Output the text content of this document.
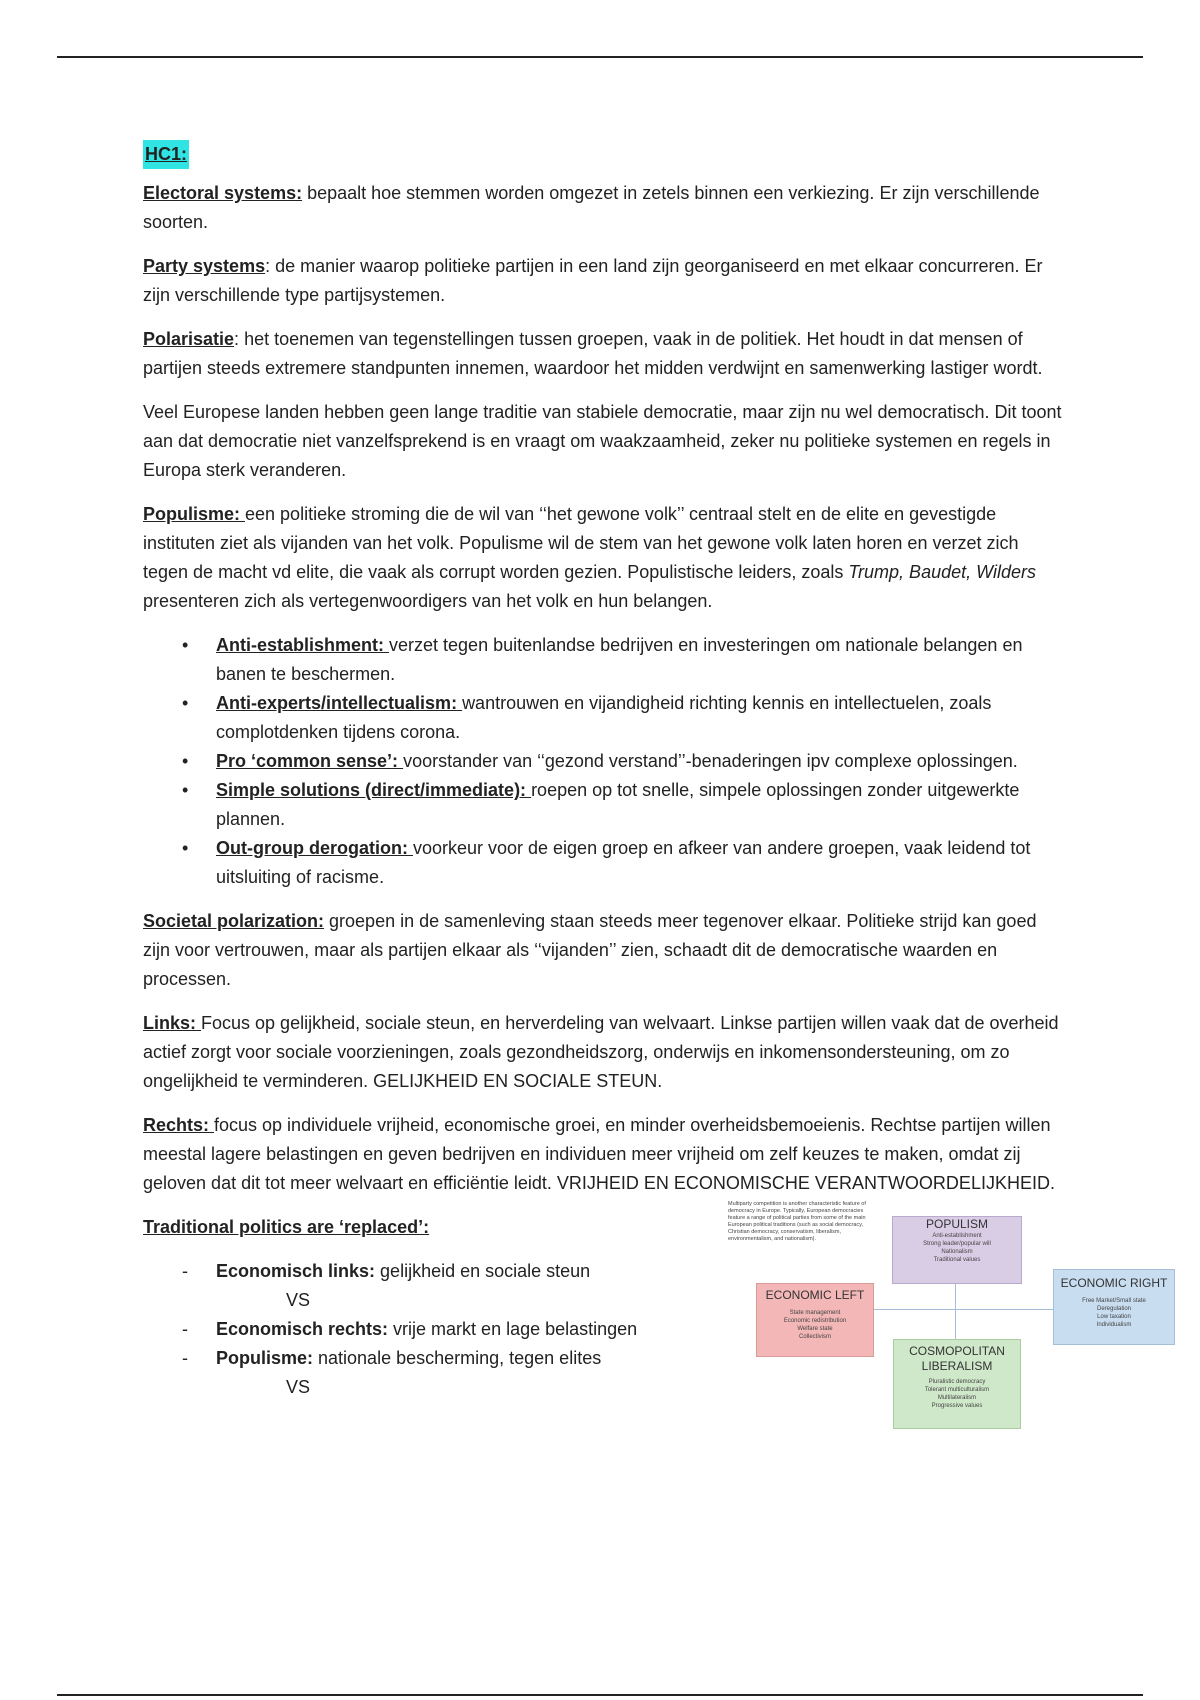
HC1:

Electoral systems: bepaalt hoe stemmen worden omgezet in zetels binnen een verkiezing. Er zijn verschillende soorten.

Party systems: de manier waarop politieke partijen in een land zijn georganiseerd en met elkaar concurreren. Er zijn verschillende type partijsystemen.

Polarisatie: het toenemen van tegenstellingen tussen groepen, vaak in de politiek. Het houdt in dat mensen of partijen steeds extremere standpunten innemen, waardoor het midden verdwijnt en samenwerking lastiger wordt.

Veel Europese landen hebben geen lange traditie van stabiele democratie, maar zijn nu wel democratisch. Dit toont aan dat democratie niet vanzelfsprekend is en vraagt om waakzaamheid, zeker nu politieke systemen en regels in Europa sterk veranderen.

Populisme: een politieke stroming die de wil van ‘‘het gewone volk’’ centraal stelt en de elite en gevestigde instituten ziet als vijanden van het volk. Populisme wil de stem van het gewone volk laten horen en verzet zich tegen de macht vd elite, die vaak als corrupt worden gezien. Populistische leiders, zoals Trump, Baudet, Wilders presenteren zich als vertegenwoordigers van het volk en hun belangen.

• Anti-establishment: verzet tegen buitenlandse bedrijven en investeringen om nationale belangen en banen te beschermen.
• Anti-experts/intellectualism: wantrouwen en vijandigheid richting kennis en intellectuelen, zoals complotdenken tijdens corona.
• Pro ‘common sense’: voorstander van ‘‘gezond verstand’’-benaderingen ipv complexe oplossingen.
• Simple solutions (direct/immediate): roepen op tot snelle, simpele oplossingen zonder uitgewerkte plannen.
• Out-group derogation: voorkeur voor de eigen groep en afkeer van andere groepen, vaak leidend tot uitsluiting of racisme.

Societal polarization: groepen in de samenleving staan steeds meer tegenover elkaar. Politieke strijd kan goed zijn voor vertrouwen, maar als partijen elkaar als ‘‘vijanden’’ zien, schaadt dit de democratische waarden en processen.

Links: Focus op gelijkheid, sociale steun, en herverdeling van welvaart. Linkse partijen willen vaak dat de overheid actief zorgt voor sociale voorzieningen, zoals gezondheidszorg, onderwijs en inkomensondersteuning, om zo ongelijkheid te verminderen. GELIJKHEID EN SOCIALE STEUN.

Rechts: focus op individuele vrijheid, economische groei, en minder overheidsbemoeienis. Rechtse partijen willen meestal lagere belastingen en geven bedrijven en individuen meer vrijheid om zelf keuzes te maken, omdat zij geloven dat dit tot meer welvaart en efficiëntie leidt. VRIJHEID EN ECONOMISCHE VERANTWOORDELIJKHEID.

Traditional politics are ‘replaced’:

- Economisch links: gelijkheid en sociale steun
VS
- Economisch rechts: vrije markt en lage belastingen
- Populisme: nationale bescherming, tegen elites
VS
Multiparty competition is another characteristic feature of democracy in Europe. Typically, European democracies feature a range of political parties from some of the main European political traditions (such as social democracy, Christian democracy, conservatism, liberalism, environmentalism, and nationalism).
POPULISM
Anti-establishment
Strong leader/popular will
Nationalism
Traditional values
ECONOMIC LEFT
State management
Economic redistribution
Welfare state
Collectivism
ECONOMIC RIGHT
Free Market/Small state
Deregulation
Low taxation
Individualism
COSMOPOLITAN
LIBERALISM
Pluralistic democracy
Tolerant multiculturalism
Multilateralism
Progressive values
